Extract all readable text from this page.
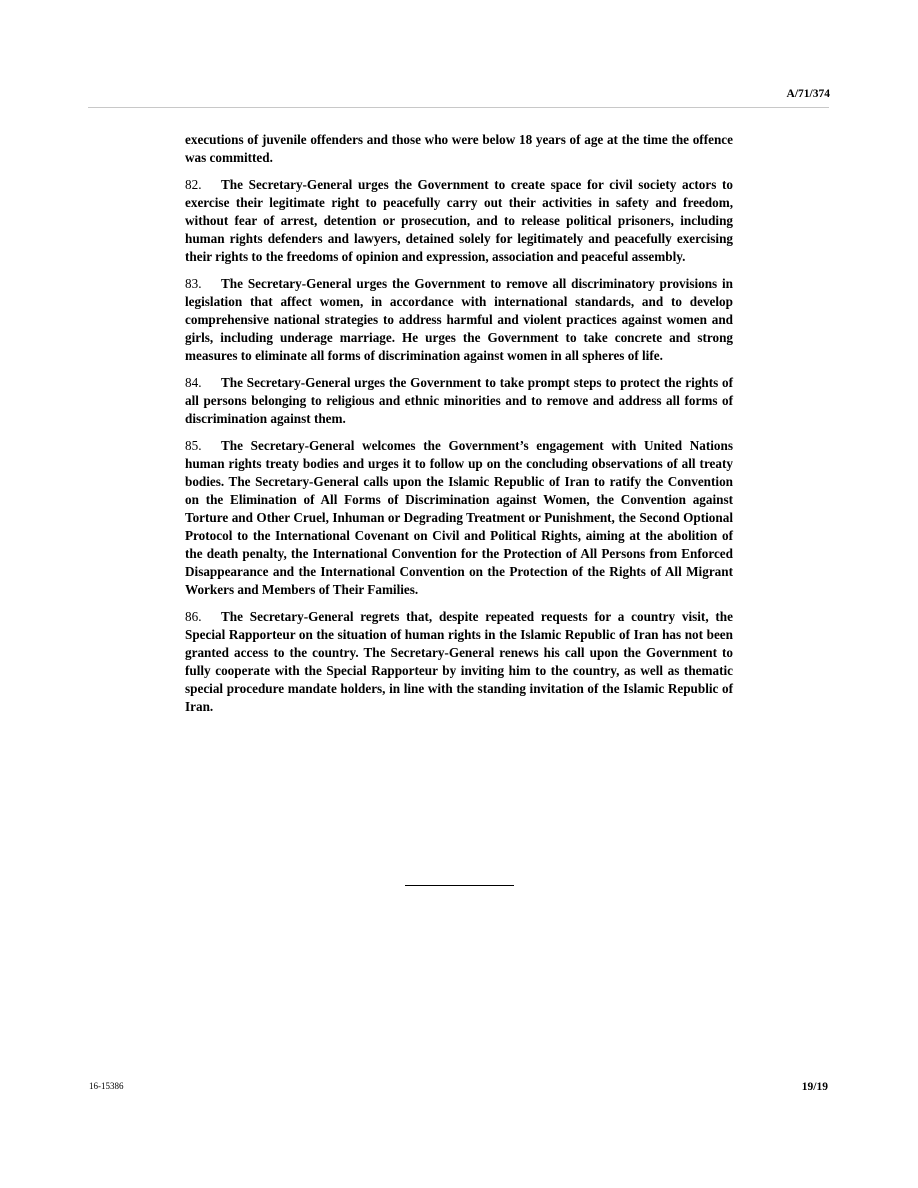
A/71/374

executions of juvenile offenders and those who were below 18 years of age at the time the offence was committed.

82. The Secretary-General urges the Government to create space for civil society actors to exercise their legitimate right to peacefully carry out their activities in safety and freedom, without fear of arrest, detention or prosecution, and to release political prisoners, including human rights defenders and lawyers, detained solely for legitimately and peacefully exercising their rights to the freedoms of opinion and expression, association and peaceful assembly.

83. The Secretary-General urges the Government to remove all discriminatory provisions in legislation that affect women, in accordance with international standards, and to develop comprehensive national strategies to address harmful and violent practices against women and girls, including underage marriage. He urges the Government to take concrete and strong measures to eliminate all forms of discrimination against women in all spheres of life.

84. The Secretary-General urges the Government to take prompt steps to protect the rights of all persons belonging to religious and ethnic minorities and to remove and address all forms of discrimination against them.

85. The Secretary-General welcomes the Government’s engagement with United Nations human rights treaty bodies and urges it to follow up on the concluding observations of all treaty bodies. The Secretary-General calls upon the Islamic Republic of Iran to ratify the Convention on the Elimination of All Forms of Discrimination against Women, the Convention against Torture and Other Cruel, Inhuman or Degrading Treatment or Punishment, the Second Optional Protocol to the International Covenant on Civil and Political Rights, aiming at the abolition of the death penalty, the International Convention for the Protection of All Persons from Enforced Disappearance and the International Convention on the Protection of the Rights of All Migrant Workers and Members of Their Families.

86. The Secretary-General regrets that, despite repeated requests for a country visit, the Special Rapporteur on the situation of human rights in the Islamic Republic of Iran has not been granted access to the country. The Secretary-General renews his call upon the Government to fully cooperate with the Special Rapporteur by inviting him to the country, as well as thematic special procedure mandate holders, in line with the standing invitation of the Islamic Republic of Iran.

16-15386	19/19
